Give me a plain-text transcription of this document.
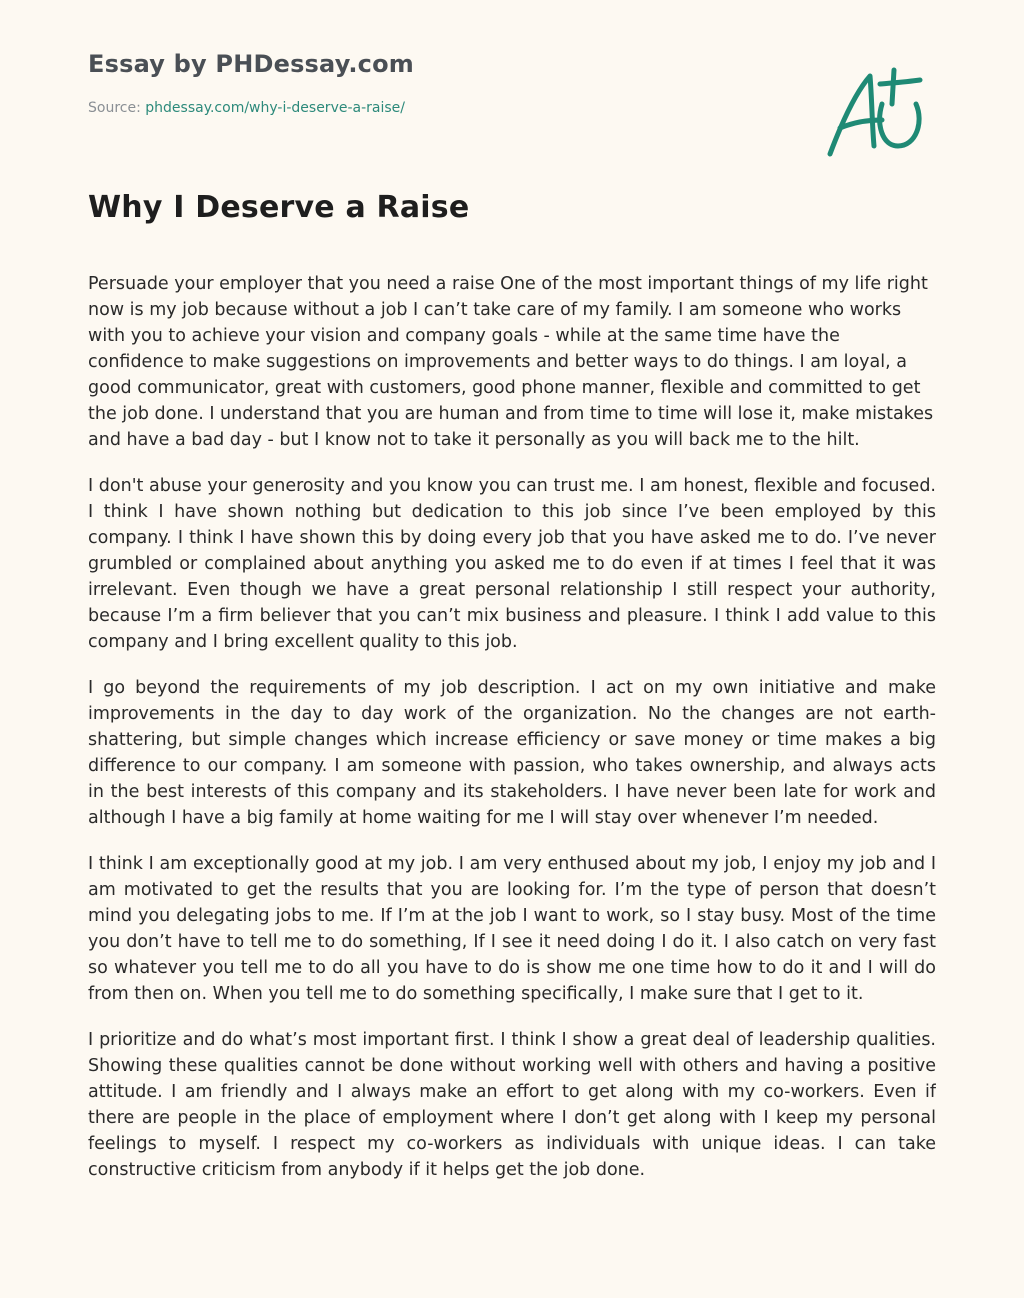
Essay by PHDessay.com
Source: phdessay.com/why-i-deserve-a-raise/
Why I Deserve a Raise

Persuade your employer that you need a raise One of the most important things of my life right now is my job because without a job I can’t take care of my family. I am someone who works with you to achieve your vision and company goals - while at the same time have the confidence to make suggestions on improvements and better ways to do things. I am loyal, a good communicator, great with customers, good phone manner, flexible and committed to get the job done. I understand that you are human and from time to time will lose it, make mistakes and have a bad day - but I know not to take it personally as you will back me to the hilt.

I don't abuse your generosity and you know you can trust me. I am honest, flexible and focused. I think I have shown nothing but dedication to this job since I’ve been employed by this company. I think I have shown this by doing every job that you have asked me to do. I’ve never grumbled or complained about anything you asked me to do even if at times I feel that it was irrelevant. Even though we have a great personal relationship I still respect your authority, because I’m a firm believer that you can’t mix business and pleasure. I think I add value to this company and I bring excellent quality to this job.

I go beyond the requirements of my job description. I act on my own initiative and make improvements in the day to day work of the organization. No the changes are not earth-shattering, but simple changes which increase efficiency or save money or time makes a big difference to our company. I am someone with passion, who takes ownership, and always acts in the best interests of this company and its stakeholders. I have never been late for work and although I have a big family at home waiting for me I will stay over whenever I’m needed.

I think I am exceptionally good at my job. I am very enthused about my job, I enjoy my job and I am motivated to get the results that you are looking for. I’m the type of person that doesn’t mind you delegating jobs to me. If I’m at the job I want to work, so I stay busy. Most of the time you don’t have to tell me to do something, If I see it need doing I do it. I also catch on very fast so whatever you tell me to do all you have to do is show me one time how to do it and I will do from then on. When you tell me to do something specifically, I make sure that I get to it.

I prioritize and do what’s most important first. I think I show a great deal of leadership qualities. Showing these qualities cannot be done without working well with others and having a positive attitude. I am friendly and I always make an effort to get along with my co-workers. Even if there are people in the place of employment where I don’t get along with I keep my personal feelings to myself. I respect my co-workers as individuals with unique ideas. I can take constructive criticism from anybody if it helps get the job done.
